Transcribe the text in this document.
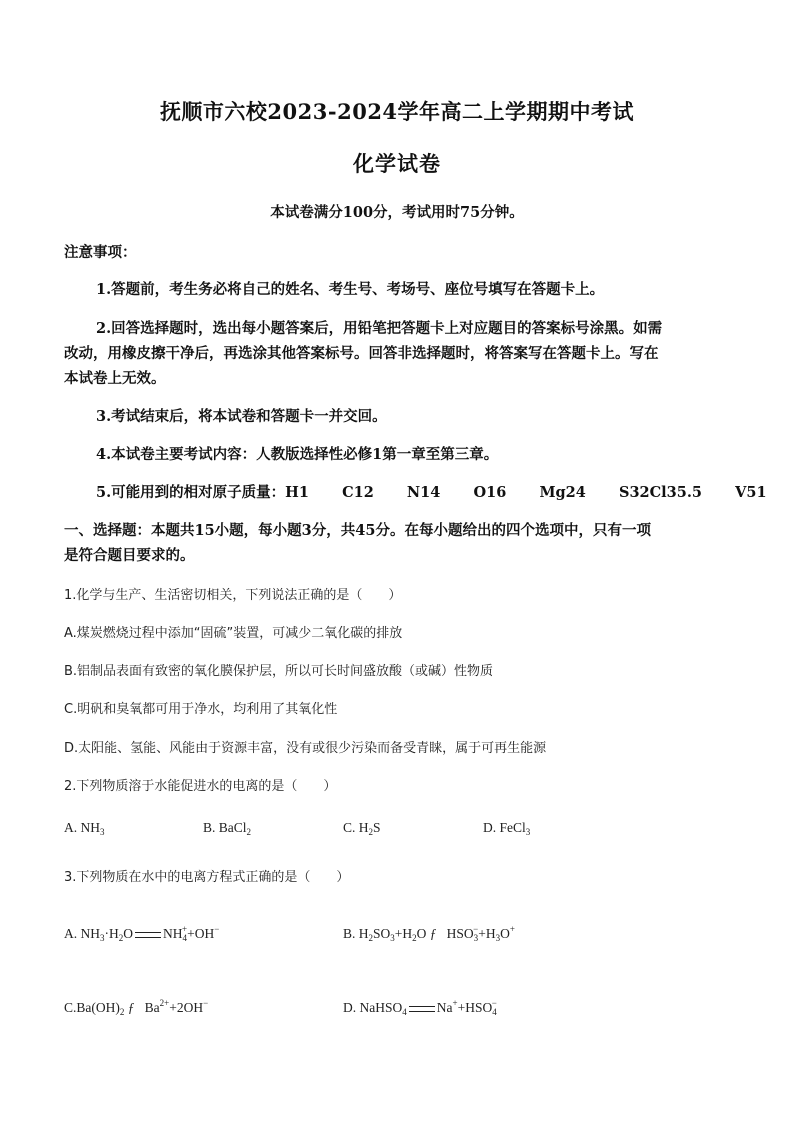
抚顺市六校2023-2024学年高二上学期期中考试
化学试卷
本试卷满分100分，考试用时75分钟。
注意事项：
1.答题前，考生务必将自己的姓名、考生号、考场号、座位号填写在答题卡上。
2.回答选择题时，选出每小题答案后，用铅笔把答题卡上对应题目的答案标号涂黑。如需
改动，用橡皮擦干净后，再选涂其他答案标号。回答非选择题时，将答案写在答题卡上。写在
本试卷上无效。
3.考试结束后，将本试卷和答题卡一并交回。
4.本试卷主要考试内容：人教版选择性必修1第一章至第三章。
5.可能用到的相对原子质量：H1   C12   N14   O16   Mg24   S32Cl35.5   V51
一、选择题：本题共15小题，每小题3分，共45分。在每小题给出的四个选项中，只有一项
是符合题目要求的。
1.化学与生产、生活密切相关，下列说法正确的是（　　）
A.煤炭燃烧过程中添加“固硫”装置，可减少二氧化碳的排放
B.铝制品表面有致密的氧化膜保护层，所以可长时间盛放酸（或碱）性物质
C.明矾和臭氧都可用于净水，均利用了其氧化性
D.太阳能、氢能、风能由于资源丰富，没有或很少污染而备受青睐，属于可再生能源
2.下列物质溶于水能促进水的电离的是（　　）
A. $NH_3$	B. BaCl$_2$	C. $H_2S$	D. FeCl$_3$
3.下列物质在水中的电离方程式正确的是（　　）
A. $NH_3\cdot H_2O$ $NH_4^++OH^-$	B. $H_2SO_3+H_2O$ ƒ $HSO_3^-+H_3O^+$
$C.Ba(OH)_2$ ƒ $Ba^{2+}+2OH^-$	D. NaHSO$_4$ $Na^++HSO_4^-$
